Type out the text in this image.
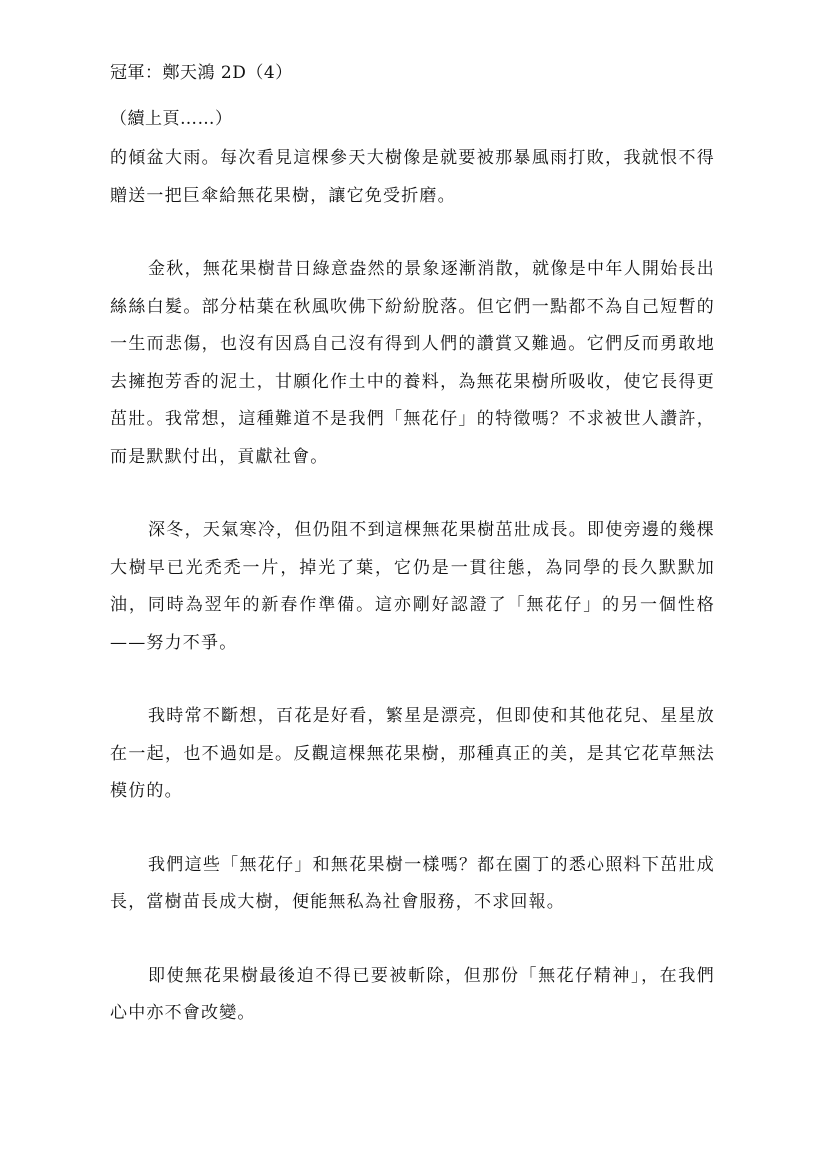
冠軍：鄭天鴻 2D（4）
（續上頁……）

的傾盆大雨。每次看見這棵參天大樹像是就要被那暴風雨打敗，我就恨不得贈送一把巨傘給無花果樹，讓它免受折磨。

金秋，無花果樹昔日綠意盎然的景象逐漸消散，就像是中年人開始長出絲絲白髮。部分枯葉在秋風吹佛下紛紛脫落。但它們一點都不為自己短暫的一生而悲傷，也沒有因爲自己沒有得到人們的讚賞又難過。它們反而勇敢地去擁抱芳香的泥土，甘願化作土中的養料，為無花果樹所吸收，使它長得更茁壯。我常想，這種難道不是我們「無花仔」的特徵嗎？不求被世人讚許，而是默默付出，貢獻社會。

深冬，天氣寒冷，但仍阻不到這棵無花果樹茁壯成長。即使旁邊的幾棵大樹早已光禿禿一片，掉光了葉，它仍是一貫往態，為同學的長久默默加油，同時為翌年的新春作準備。這亦剛好認證了「無花仔」的另一個性格——努力不爭。

我時常不斷想，百花是好看，繁星是漂亮，但即使和其他花兒、星星放在一起，也不過如是。反觀這棵無花果樹，那種真正的美，是其它花草無法模仿的。

我們這些「無花仔」和無花果樹一樣嗎？都在園丁的悉心照料下茁壯成長，當樹苗長成大樹，便能無私為社會服務，不求回報。

即使無花果樹最後迫不得已要被斬除，但那份「無花仔精神」，在我們心中亦不會改變。
